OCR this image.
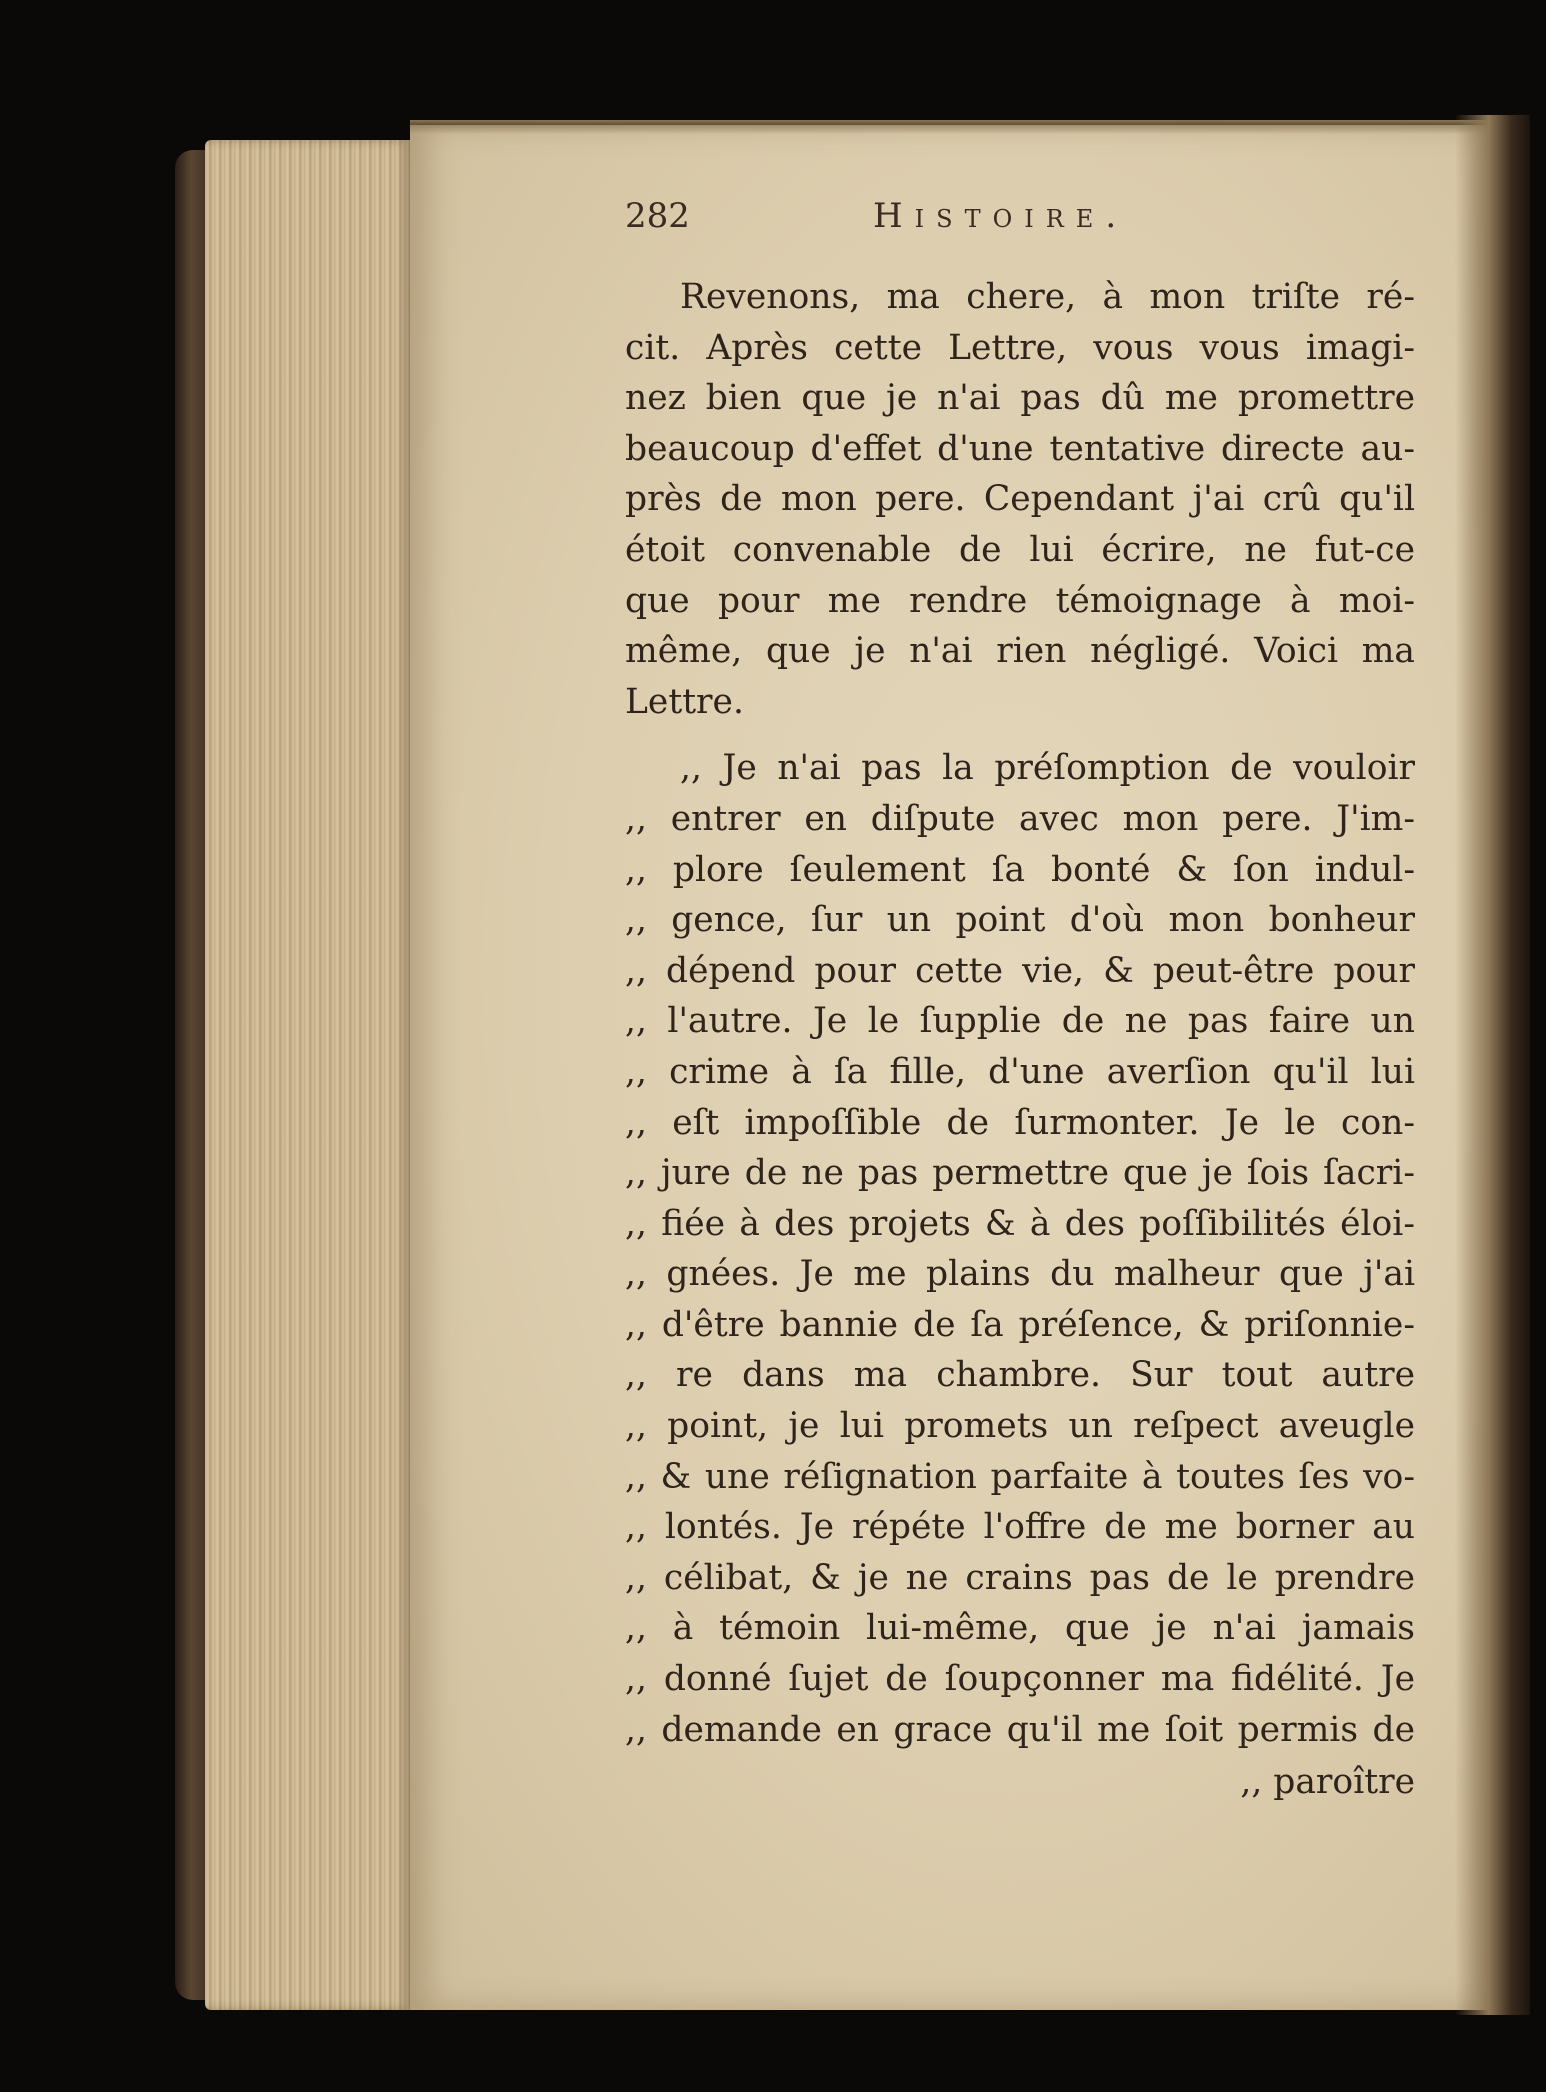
282	Histoire.
Revenons, ma chere, à mon triſte ré-
cit. Après cette Lettre, vous vous imagi-
nez bien que je n'ai pas dû me promettre
beaucoup d'effet d'une tentative directe au-
près de mon pere. Cependant j'ai crû qu'il
étoit convenable de lui écrire, ne fut-ce
que pour me rendre témoignage à moi-
même, que je n'ai rien négligé. Voici ma
Lettre.
,, Je n'ai pas la préſomption de vouloir
,, entrer en diſpute avec mon pere. J'im-
,, plore ſeulement ſa bonté & ſon indul-
,, gence, ſur un point d'où mon bonheur
,, dépend pour cette vie, & peut-être pour
,, l'autre. Je le ſupplie de ne pas faire un
,, crime à ſa fille, d'une averſion qu'il lui
,, eſt impoſſible de ſurmonter. Je le con-
,, jure de ne pas permettre que je ſois ſacri-
,, fiée à des projets & à des poſſibilités éloi-
,, gnées. Je me plains du malheur que j'ai
,, d'être bannie de ſa préſence, & priſonnie-
,, re dans ma chambre. Sur tout autre
,, point, je lui promets un reſpect aveugle
,, & une réſignation parfaite à toutes ſes vo-
,, lontés. Je répéte l'offre de me borner au
,, célibat, & je ne crains pas de le prendre
,, à témoin lui-même, que je n'ai jamais
,, donné ſujet de ſoupçonner ma fidélité. Je
,, demande en grace qu'il me ſoit permis de
,, paroître
